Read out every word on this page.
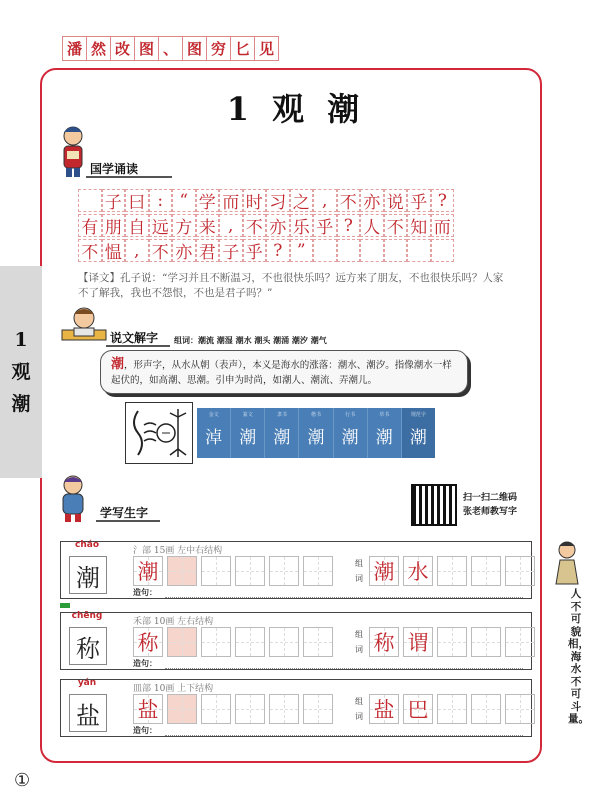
潘 然 改 图 、 图 穷 匕 见
1 观 潮
1
观
潮
国学诵读
子 曰 : “ 学 而 时 习 之 , 不 亦 说 乎 ?
有 朋 自 远 方 来 , 不 亦 乐 乎 ? 人 不 知 而
不 愠 , 不 亦 君 子 乎 ? ”
【译文】孔子说：“学习并且不断温习，不也很快乐吗？远方来了朋友，不也很快乐吗？人家不了解我，我也不怨恨，不也是君子吗？”
说文解字 组词：潮流 潮湿 潮水 潮头 潮涌 潮汐 潮气
潮，形声字，从水从朝（表声），本义是海水的涨落：潮水、潮汐。指像潮水一样起伏的，如高潮、思潮。引申为时尚，如潮人、潮流、弄潮儿。
金文
淖
篆文
潮
隶书
潮
楷书
潮
行书
潮
草书
潮
规范字
潮
学写生字
扫一扫二维码
张老师教写字
cháo
潮
氵部 15画 左中右结构
潮	组
词 潮 水
造句：
chēng
称
禾部 10画 左右结构
称	组
词 称 谓
造句：
yán
盐
皿部 10画 上下结构
盐	组
词 盐 巴
造句：
人不可貌相，海水不可斗量。
①
